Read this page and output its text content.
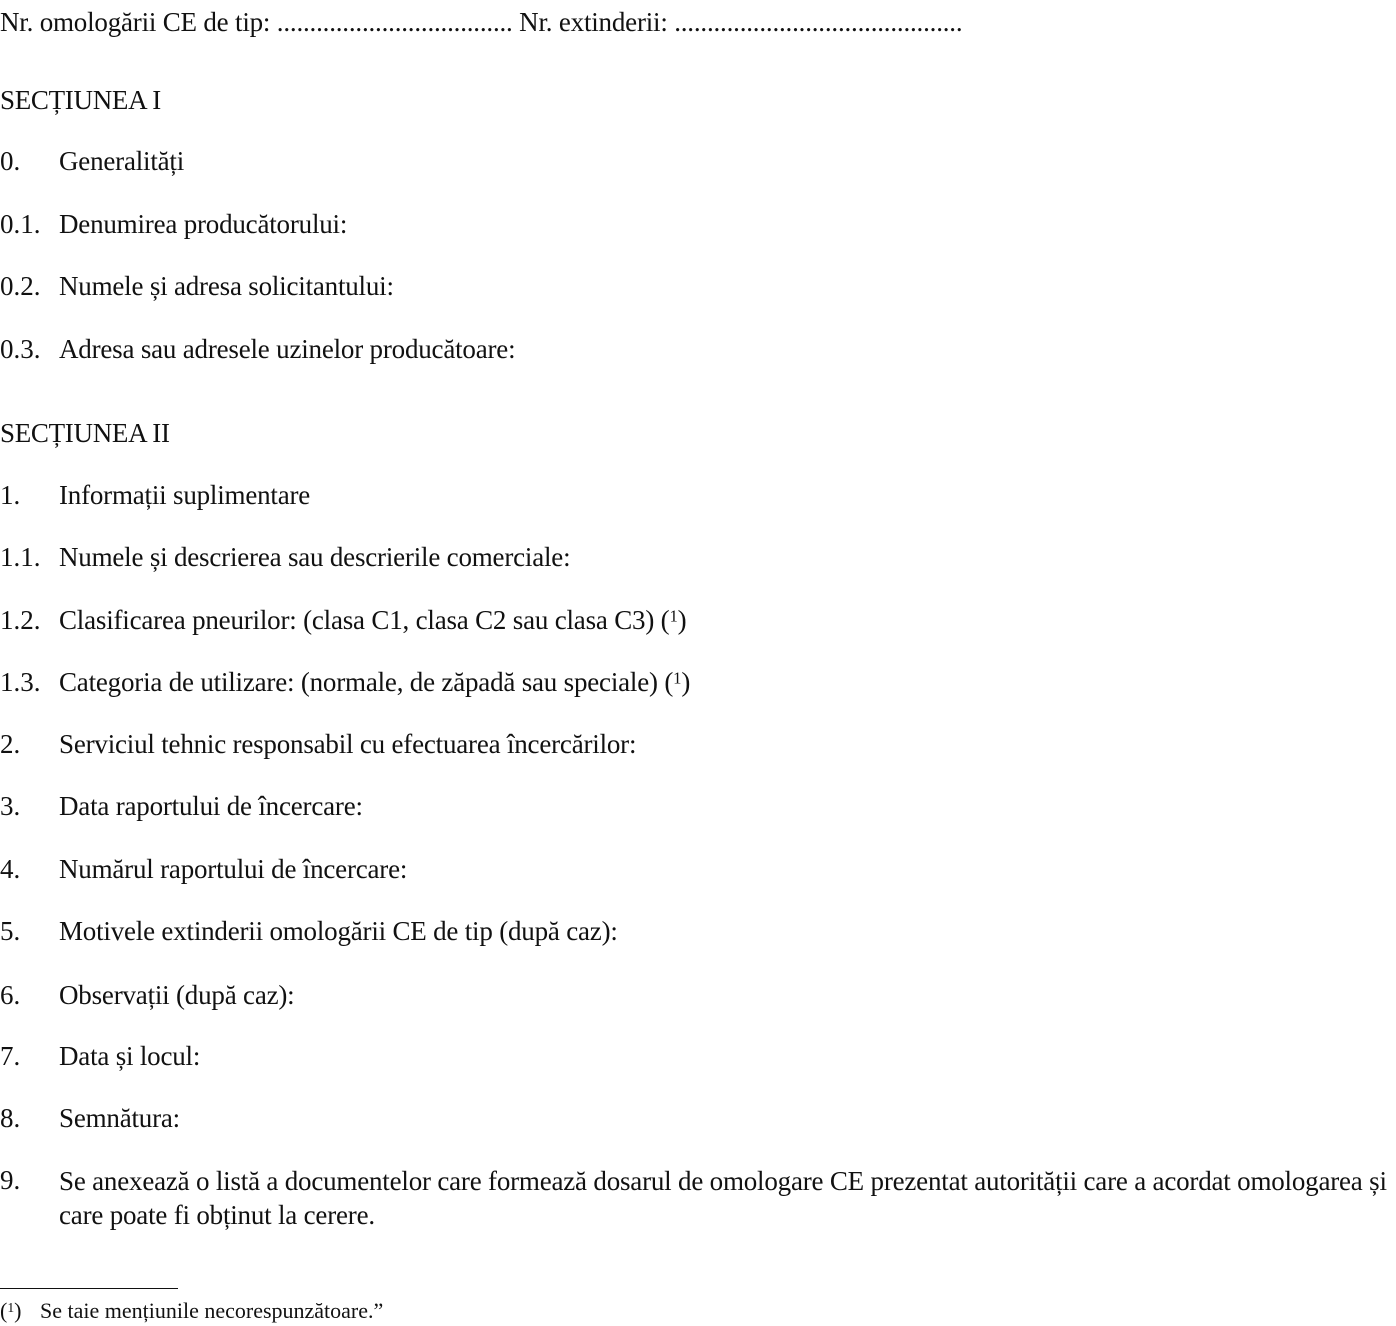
Nr. omologării CE de tip: .................................... Nr. extinderii: ............................................
SECȚIUNEA I
0. Generalități
0.1. Denumirea producătorului:
0.2. Numele și adresa solicitantului:
0.3. Adresa sau adresele uzinelor producătoare:
SECȚIUNEA II
1. Informații suplimentare
1.1. Numele și descrierea sau descrierile comerciale:
1.2. Clasificarea pneurilor: (clasa C1, clasa C2 sau clasa C3) ($^1$)
1.3. Categoria de utilizare: (normale, de zăpadă sau speciale) ($^1$)
2. Serviciul tehnic responsabil cu efectuarea încercărilor:
3. Data raportului de încercare:
4. Numărul raportului de încercare:
5. Motivele extinderii omologării CE de tip (după caz):
6. Observații (după caz):
7. Data și locul:
8. Semnătura:
9. Se anexează o listă a documentelor care formează dosarul de omologare CE prezentat autorității care a acordat omologarea și care poate fi obținut la cerere.
($^1$) Se taie mențiunile necorespunzătoare.”
